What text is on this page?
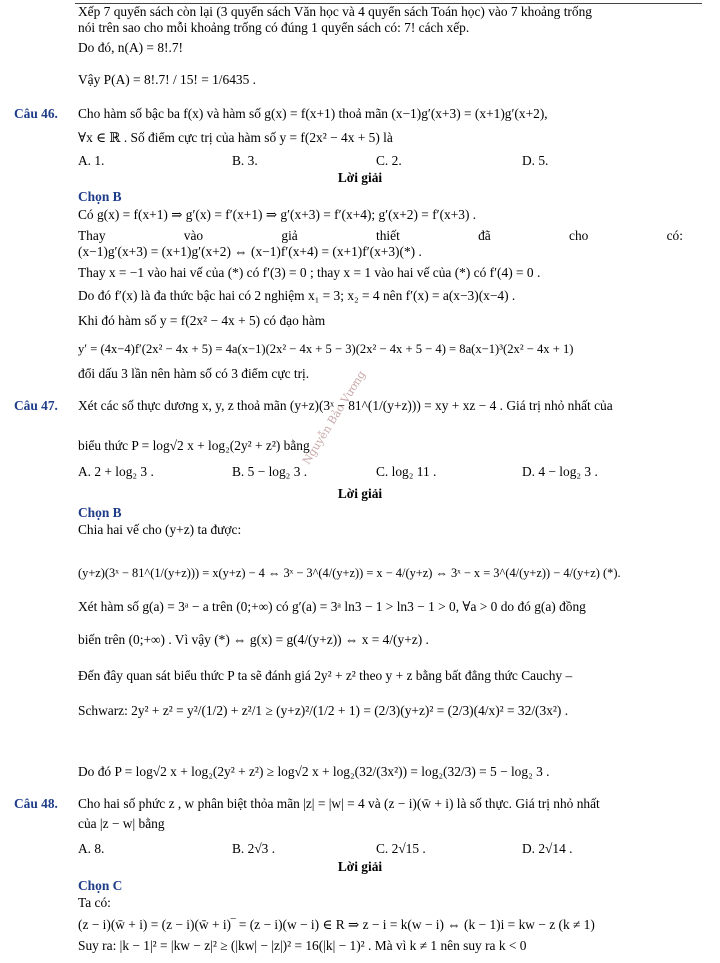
Nguyễn Bảo Vương
Xếp 7 quyển sách còn lại (3 quyển sách Văn học và 4 quyển sách Toán học) vào 7 khoảng trống
nói trên sao cho mỗi khoảng trống có đúng 1 quyển sách có: 7! cách xếp.
Do đó, n(A) = 8!.7!
Vậy P(A) = 8!.7! / 15! = 1/6435 .
Câu 46. Cho hàm số bậc ba f(x) và hàm số g(x) = f(x+1) thoả mãn (x−1)g′(x+3) = (x+1)g′(x+2),
∀x ∈ ℝ . Số điểm cực trị của hàm số y = f(2x² − 4x + 5) là
A. 1.	B. 3.	C. 2.	D. 5.
Lời giải
Chọn B
Có g(x) = f(x+1) ⇒ g′(x) = f′(x+1) ⇒ g′(x+3) = f′(x+4); g′(x+2) = f′(x+3) .
Thay	vào	giả	thiết	đã	cho	có:
(x−1)g′(x+3) = (x+1)g′(x+2) ⇔ (x−1)f′(x+4) = (x+1)f′(x+3)(*) .
Thay x = −1 vào hai vế của (*) có f′(3) = 0 ; thay x = 1 vào hai vế của (*) có f′(4) = 0 .
Do đó f′(x) là đa thức bậc hai có 2 nghiệm x₁ = 3; x₂ = 4 nên f′(x) = a(x−3)(x−4) .
Khi đó hàm số y = f(2x² − 4x + 5) có đạo hàm
y′ = (4x−4)f′(2x² − 4x + 5) = 4a(x−1)(2x² − 4x + 5 − 3)(2x² − 4x + 5 − 4) = 8a(x−1)³(2x² − 4x + 1)
đổi dấu 3 lần nên hàm số có 3 điểm cực trị.
Câu 47. Xét các số thực dương x, y, z thoả mãn (y+z)(3ˣ − 81^(1/(y+z))) = xy + xz − 4 . Giá trị nhỏ nhất của
biểu thức P = log√2 x + log₂(2y² + z²) bằng
A. 2 + log₂ 3 .	B. 5 − log₂ 3 .	C. log₂ 11 .	D. 4 − log₂ 3 .
Lời giải
Chọn B
Chia hai vế cho (y+z) ta được:
(y+z)(3ˣ − 81^(1/(y+z))) = x(y+z) − 4 ⇔ 3ˣ − 3^(4/(y+z)) = x − 4/(y+z) ⇔ 3ˣ − x = 3^(4/(y+z)) − 4/(y+z) (*).
Xét hàm số g(a) = 3ᵃ − a trên (0;+∞) có g′(a) = 3ᵃ ln3 − 1 > ln3 − 1 > 0, ∀a > 0 do đó g(a) đồng
biến trên (0;+∞) . Vì vậy (*) ⇔ g(x) = g(4/(y+z)) ⇔ x = 4/(y+z) .
Đến đây quan sát biểu thức P ta sẽ đánh giá 2y² + z² theo y + z bằng bất đẳng thức Cauchy –
Schwarz: 2y² + z² = y²/(1/2) + z²/1 ≥ (y+z)²/(1/2 + 1) = (2/3)(y+z)² = (2/3)(4/x)² = 32/(3x²) .
Do đó P = log√2 x + log₂(2y² + z²) ≥ log√2 x + log₂(32/(3x²)) = log₂(32/3) = 5 − log₂ 3 .
Câu 48. Cho hai số phức z , w phân biệt thỏa mãn |z| = |w| = 4 và (z − i)(w̄ + i) là số thực. Giá trị nhỏ nhất
của |z − w| bằng
A. 8.	B. 2√3 .	C. 2√15 .	D. 2√14 .
Lời giải
Chọn C
Ta có:
(z − i)(w̄ + i) = (z − i)(w̄ + i)‾ = (z − i)(w − i) ∈ R ⇒ z − i = k(w − i) ⇔ (k − 1)i = kw − z (k ≠ 1)
Suy ra: |k − 1|² = |kw − z|² ≥ (|kw| − |z|)² = 16(|k| − 1)² . Mà vì k ≠ 1 nên suy ra k < 0
